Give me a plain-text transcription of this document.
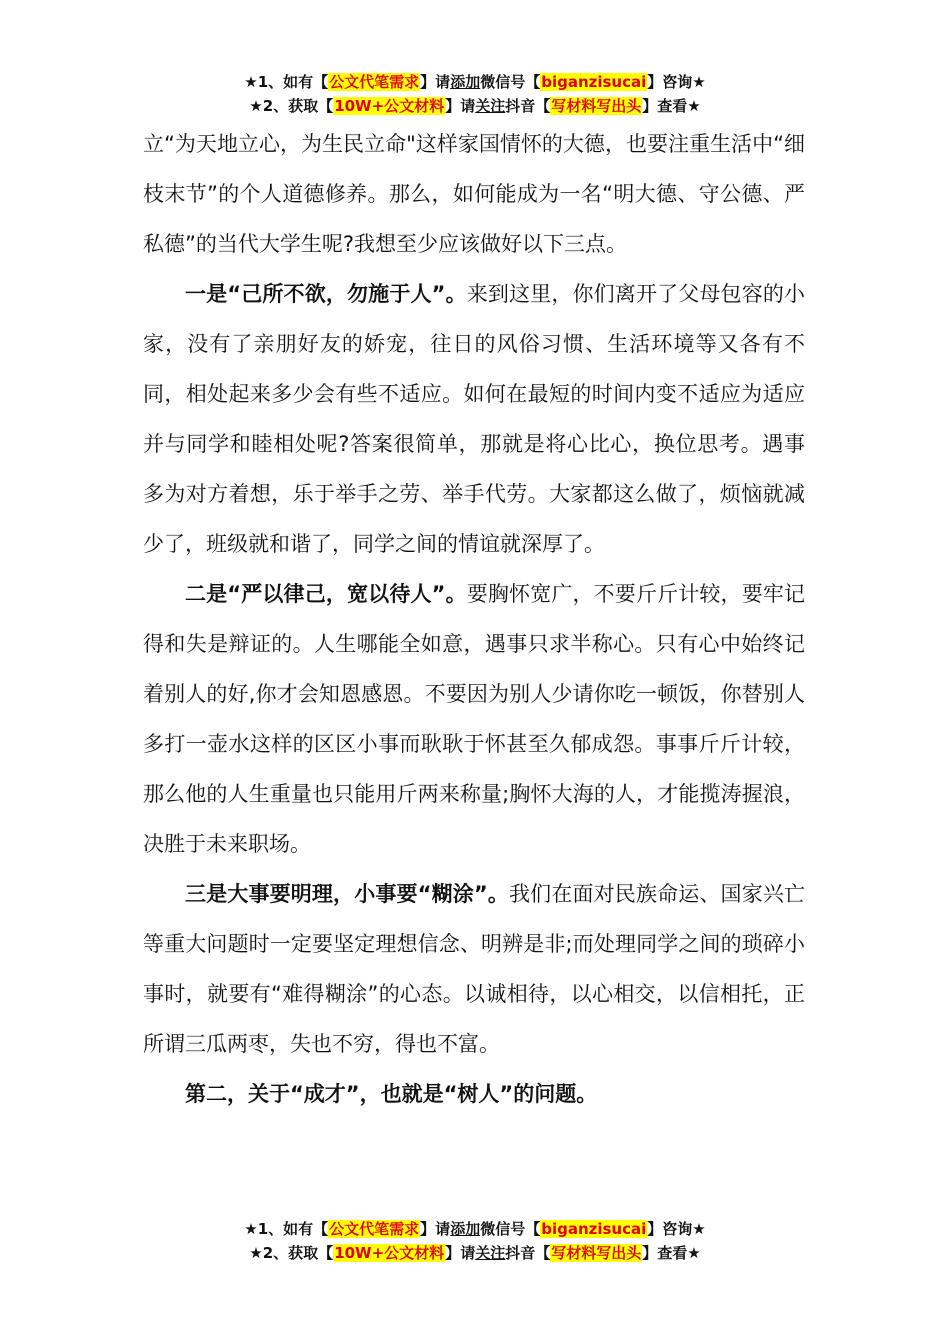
★1、如有【公文代笔需求】请添加微信号【biganzisucai】咨询★
★2、获取【10W+公文材料】请关注抖音【写材料写出头】查看★

立“为天地立心，为生民立命"这样家国情怀的大德，也要注重生活中“细枝末节”的个人道德修养。那么，如何能成为一名“明大德、守公德、严私德”的当代大学生呢?我想至少应该做好以下三点。

一是“己所不欲，勿施于人”。来到这里，你们离开了父母包容的小家，没有了亲朋好友的娇宠，往日的风俗习惯、生活环境等又各有不同，相处起来多少会有些不适应。如何在最短的时间内变不适应为适应并与同学和睦相处呢?答案很简单，那就是将心比心，换位思考。遇事多为对方着想，乐于举手之劳、举手代劳。大家都这么做了，烦恼就减少了，班级就和谐了，同学之间的情谊就深厚了。

二是“严以律己，宽以待人”。要胸怀宽广，不要斤斤计较，要牢记得和失是辩证的。人生哪能全如意，遇事只求半称心。只有心中始终记着别人的好,你才会知恩感恩。不要因为别人少请你吃一顿饭，你替别人多打一壶水这样的区区小事而耿耿于怀甚至久郁成怨。事事斤斤计较，那么他的人生重量也只能用斤两来称量;胸怀大海的人，才能揽涛握浪，决胜于未来职场。

三是大事要明理，小事要“糊涂”。我们在面对民族命运、国家兴亡等重大问题时一定要坚定理想信念、明辨是非;而处理同学之间的琐碎小事时，就要有“难得糊涂”的心态。以诚相待，以心相交，以信相托，正所谓三瓜两枣，失也不穷，得也不富。

第二，关于“成才”，也就是“树人”的问题。

★1、如有【公文代笔需求】请添加微信号【biganzisucai】咨询★
★2、获取【10W+公文材料】请关注抖音【写材料写出头】查看★
